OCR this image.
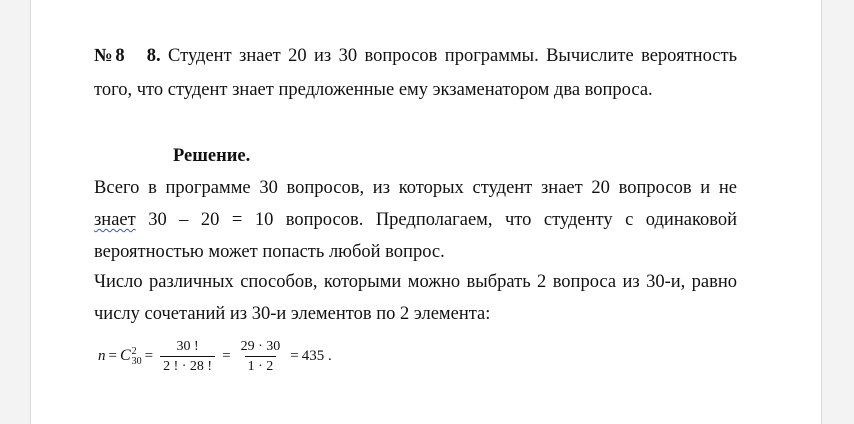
№8 8. Студент знает 20 из 30 вопросов программы. Вычислите вероятность
того, что студент знает предложенные ему экзаменатором два вопроса.
Решение.
Всего в программе 30 вопросов, из которых студент знает 20 вопросов и не
знает 30 – 20 = 10 вопросов. Предполагаем, что студенту с одинаковой
вероятностью может попасть любой вопрос.
Число различных способов, которыми можно выбрать 2 вопроса из 30-и, равно
числу сочетаний из 30-и элементов по 2 элемента:
n = C 2
$30 = \frac{30 !}{2 ! \cdot 28 !} = \frac{29 \cdot 30}{1 \cdot 2} = 435$ .
